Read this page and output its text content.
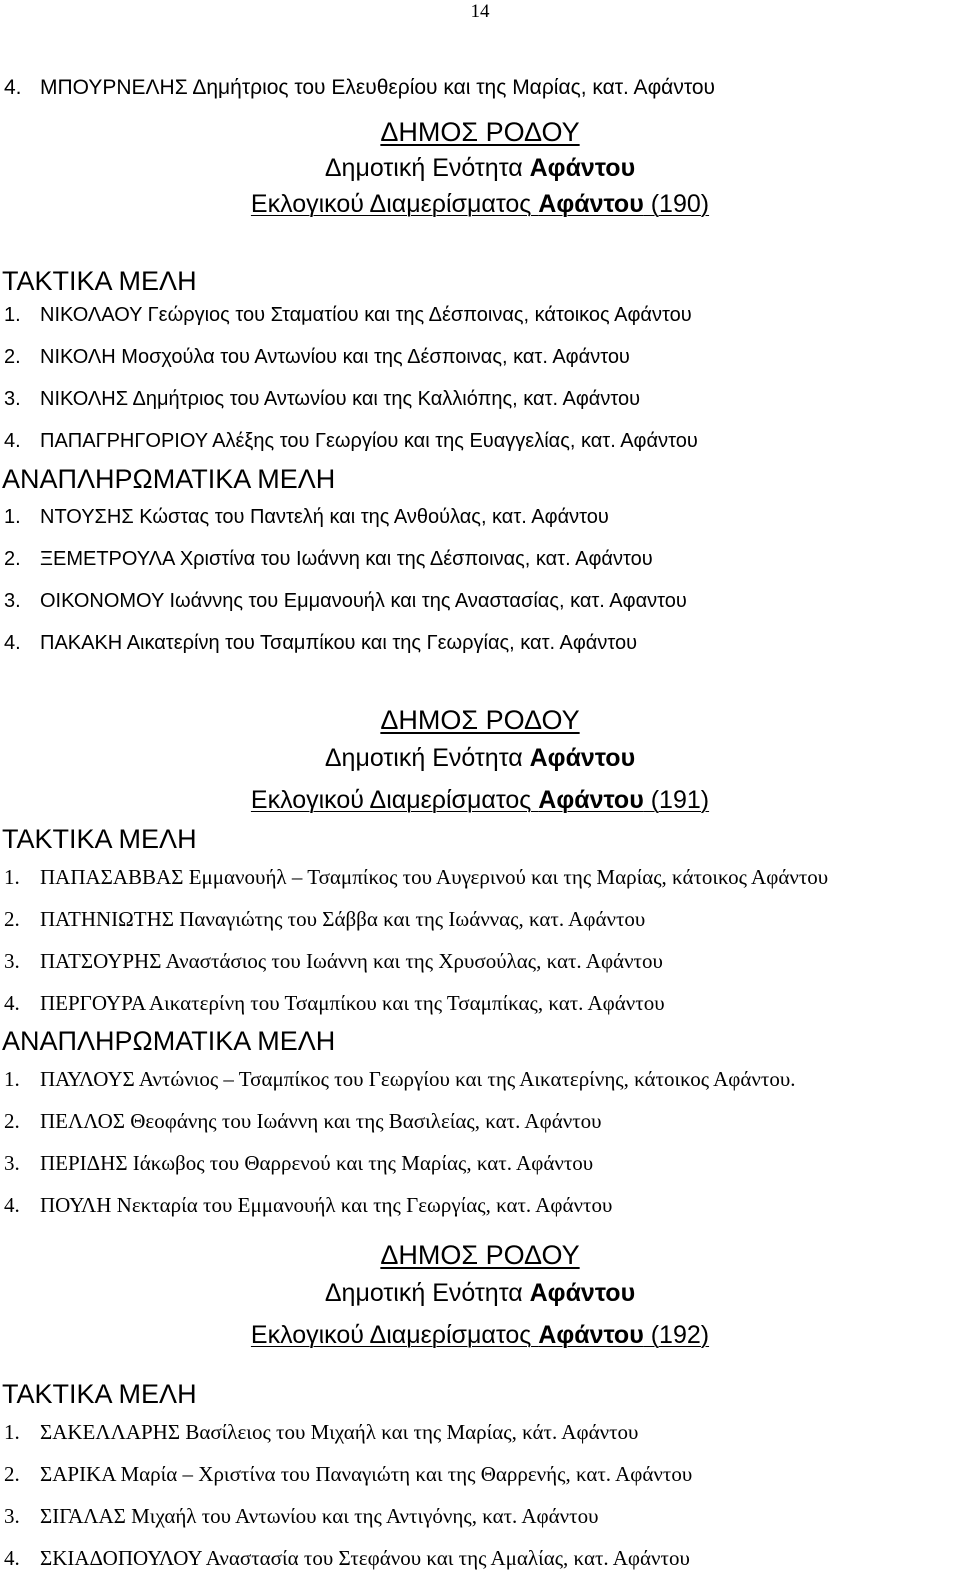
14
4. ΜΠΟΥΡΝΕΛΗΣ Δημήτριος του Ελευθερίου και της Μαρίας, κατ. Αφάντου
ΔΗΜΟΣ ΡΟΔΟΥ
Δημοτική Ενότητα Αφάντου
Εκλογικού Διαμερίσματος Αφάντου (190)
ΤΑΚΤΙΚΑ ΜΕΛΗ
1. ΝΙΚΟΛΑΟΥ Γεώργιος του Σταματίου και της Δέσποινας, κάτοικος Αφάντου
2. ΝΙΚΟΛΗ Μοσχούλα του Αντωνίου και της Δέσποινας, κατ. Αφάντου
3. ΝΙΚΟΛΗΣ Δημήτριος του Αντωνίου και της Καλλιόπης, κατ. Αφάντου
4. ΠΑΠΑΓΡΗΓΟΡΙΟΥ Αλέξης του Γεωργίου και της Ευαγγελίας, κατ. Αφάντου
ΑΝΑΠΛΗΡΩΜΑΤΙΚΑ ΜΕΛΗ
1. ΝΤΟΥΣΗΣ Κώστας του Παντελή και της Ανθούλας, κατ. Αφάντου
2. ΞΕΜΕΤΡΟΥΛΑ Χριστίνα του Ιωάννη και της Δέσποινας, κατ. Αφάντου
3. ΟΙΚΟΝΟΜΟΥ Ιωάννης του Εμμανουήλ και της Αναστασίας, κατ. Αφαντου
4. ΠΑΚΑΚΗ Αικατερίνη του Τσαμπίκου και της Γεωργίας, κατ. Αφάντου
ΔΗΜΟΣ ΡΟΔΟΥ
Δημοτική Ενότητα Αφάντου
Εκλογικού Διαμερίσματος Αφάντου (191)
ΤΑΚΤΙΚΑ ΜΕΛΗ
1. ΠΑΠΑΣΑΒΒΑΣ Εμμανουήλ – Τσαμπίκος του Αυγερινού και της Μαρίας, κάτοικος Αφάντου
2. ΠΑΤΗΝΙΩΤΗΣ Παναγιώτης του Σάββα και της Ιωάννας, κατ. Αφάντου
3. ΠΑΤΣΟΥΡΗΣ Αναστάσιος του Ιωάννη και της Χρυσούλας, κατ. Αφάντου
4. ΠΕΡΓΟΥΡΑ Αικατερίνη του Τσαμπίκου και της Τσαμπίκας, κατ. Αφάντου
ΑΝΑΠΛΗΡΩΜΑΤΙΚΑ ΜΕΛΗ
1. ΠΑΥΛΟΥΣ Αντώνιος – Τσαμπίκος του Γεωργίου και της Αικατερίνης, κάτοικος Αφάντου.
2. ΠΕΛΛΟΣ Θεοφάνης του Ιωάννη και της Βασιλείας, κατ. Αφάντου
3. ΠΕΡΙΔΗΣ Ιάκωβος του Θαρρενού και της Μαρίας, κατ. Αφάντου
4. ΠΟΥΛΗ Νεκταρία του Εμμανουήλ και της Γεωργίας, κατ. Αφάντου
ΔΗΜΟΣ ΡΟΔΟΥ
Δημοτική Ενότητα Αφάντου
Εκλογικού Διαμερίσματος Αφάντου (192)
ΤΑΚΤΙΚΑ ΜΕΛΗ
1. ΣΑΚΕΛΛΑΡΗΣ Βασίλειος του Μιχαήλ και της Μαρίας, κάτ. Αφάντου
2. ΣΑΡΙΚΑ Μαρία – Χριστίνα του Παναγιώτη και της Θαρρενής, κατ. Αφάντου
3. ΣΙΓΑΛΑΣ Μιχαήλ του Αντωνίου και της Αντιγόνης, κατ. Αφάντου
4. ΣΚΙΑΔΟΠΟΥΛΟΥ Αναστασία του Στεφάνου και της Αμαλίας, κατ. Αφάντου
